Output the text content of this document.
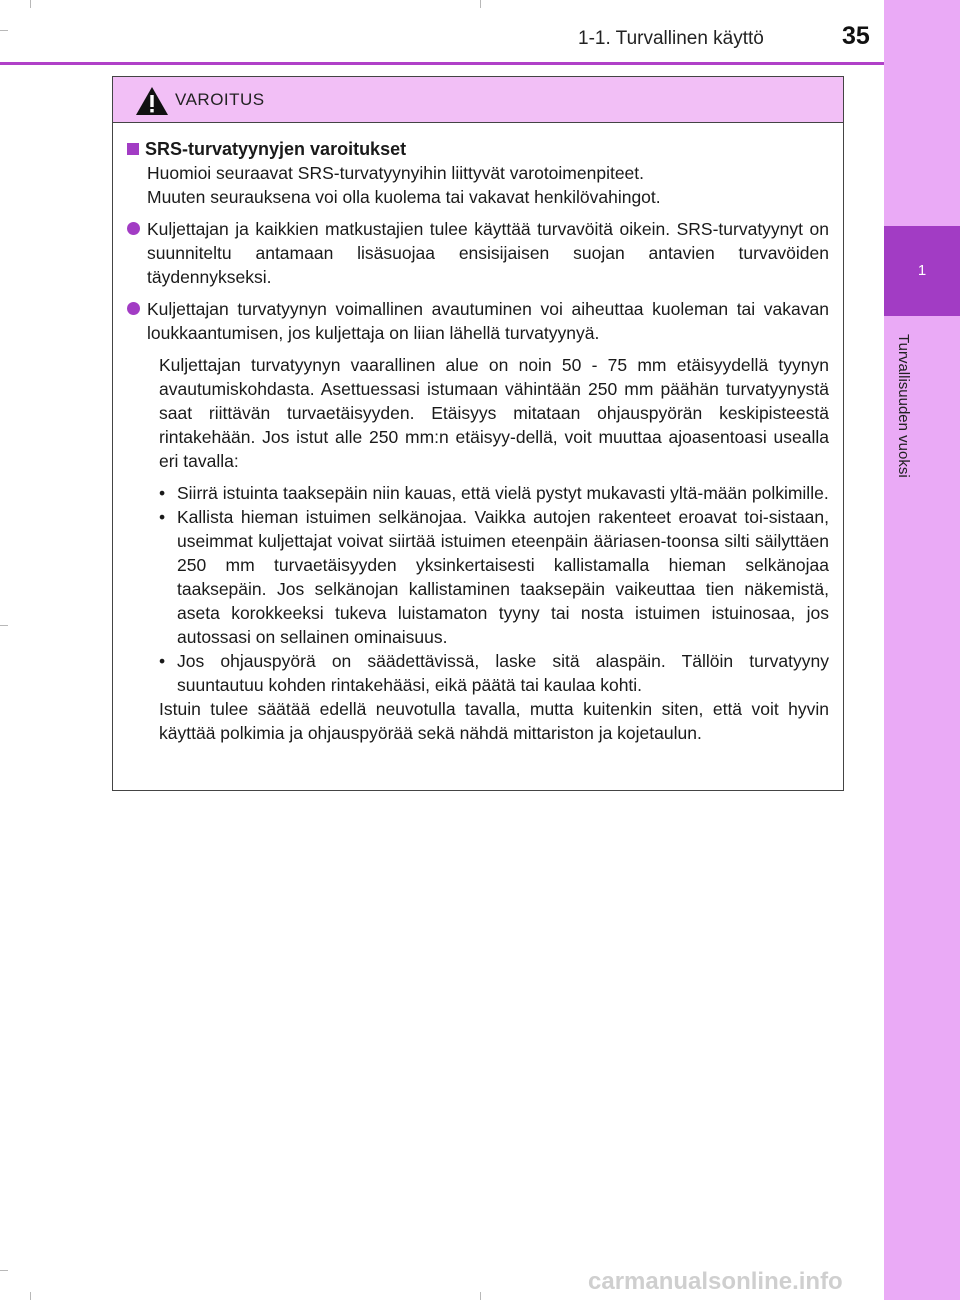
1
Turvallisuuden vuoksi
1-1. Turvallinen käyttö	35
VAROITUS
SRS-turvatyynyjen varoitukset
Huomioi seuraavat SRS-turvatyynyihin liittyvät varotoimenpiteet.
Muuten seurauksena voi olla kuolema tai vakavat henkilövahingot.
Kuljettajan ja kaikkien matkustajien tulee käyttää turvavöitä oikein. SRS-turvatyynyt on suunniteltu antamaan lisäsuojaa ensisijaisen suojan antavien turvavöiden täydennykseksi.
Kuljettajan turvatyynyn voimallinen avautuminen voi aiheuttaa kuoleman tai vakavan loukkaantumisen, jos kuljettaja on liian lähellä turvatyynyä.
Kuljettajan turvatyynyn vaarallinen alue on noin 50 - 75 mm etäisyydellä tyynyn avautumiskohdasta. Asettuessasi istumaan vähintään 250 mm päähän turvatyynystä saat riittävän turvaetäisyyden. Etäisyys mitataan ohjauspyörän keskipisteestä rintakehään. Jos istut alle 250 mm:n etäisyy-dellä, voit muuttaa ajoasentoasi usealla eri tavalla:
• Siirrä istuinta taaksepäin niin kauas, että vielä pystyt mukavasti yltä-mään polkimille.
• Kallista hieman istuimen selkänojaa. Vaikka autojen rakenteet eroavat toi-sistaan, useimmat kuljettajat voivat siirtää istuimen eteenpäin ääriasen-toonsa silti säilyttäen 250 mm turvaetäisyyden yksinkertaisesti kallistamalla hieman selkänojaa taaksepäin. Jos selkänojan kallistaminen taaksepäin vaikeuttaa tien näkemistä, aseta korokkeeksi tukeva luistamaton tyyny tai nosta istuimen istuinosaa, jos autossasi on sellainen ominaisuus.
• Jos ohjauspyörä on säädettävissä, laske sitä alaspäin. Tällöin turvatyyny suuntautuu kohden rintakehääsi, eikä päätä tai kaulaa kohti.
Istuin tulee säätää edellä neuvotulla tavalla, mutta kuitenkin siten, että voit hyvin käyttää polkimia ja ohjauspyörää sekä nähdä mittariston ja kojetaulun.
carmanualsonline.info
